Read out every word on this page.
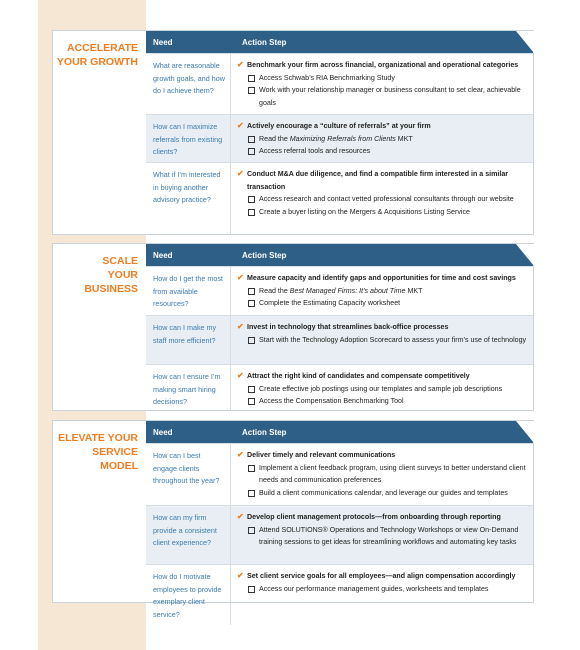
ACCELERATE
YOUR GROWTH
Need	Action Step
What are reasonable growth goals, and how do I achieve them?
✔ Benchmark your firm across financial, organizational and operational categories
Access Schwab’s RIA Benchmarking Study
Work with your relationship manager or business consultant to set clear, achievable goals
How can I maximize referrals from existing clients?
✔ Actively encourage a “culture of referrals” at your firm
Read the Maximizing Referrals from Clients MKT
Access referral tools and resources
What if I’m interested in buying another advisory practice?
✔ Conduct M&A due diligence, and find a compatible firm interested in a similar transaction
Access research and contact vetted professional consultants through our website
Create a buyer listing on the Mergers & Acquisitions Listing Service
SCALE
YOUR BUSINESS
Need	Action Step
How do I get the most from available resources?
✔ Measure capacity and identify gaps and opportunities for time and cost savings
Read the Best Managed Firms: It’s about Time MKT
Complete the Estimating Capacity worksheet
How can I make my staff more efficient?
✔ Invest in technology that streamlines back-office processes
Start with the Technology Adoption Scorecard to assess your firm’s use of technology
How can I ensure I’m making smart hiring decisions?
✔ Attract the right kind of candidates and compensate competitively
Create effective job postings using our templates and sample job descriptions
Access the Compensation Benchmarking Tool
ELEVATE YOUR
SERVICE MODEL
Need	Action Step
How can I best engage clients throughout the year?
✔ Deliver timely and relevant communications
Implement a client feedback program, using client surveys to better understand client needs and communication preferences
Build a client communications calendar, and leverage our guides and templates
How can my firm provide a consistent client experience?
✔ Develop client management protocols—from onboarding through reporting
Attend SOLUTIONS® Operations and Technology Workshops or view On-Demand training sessions to get ideas for streamlining workflows and automating key tasks
How do I motivate employees to provide exemplary client service?
✔ Set client service goals for all employees—and align compensation accordingly
Access our performance management guides, worksheets and templates
